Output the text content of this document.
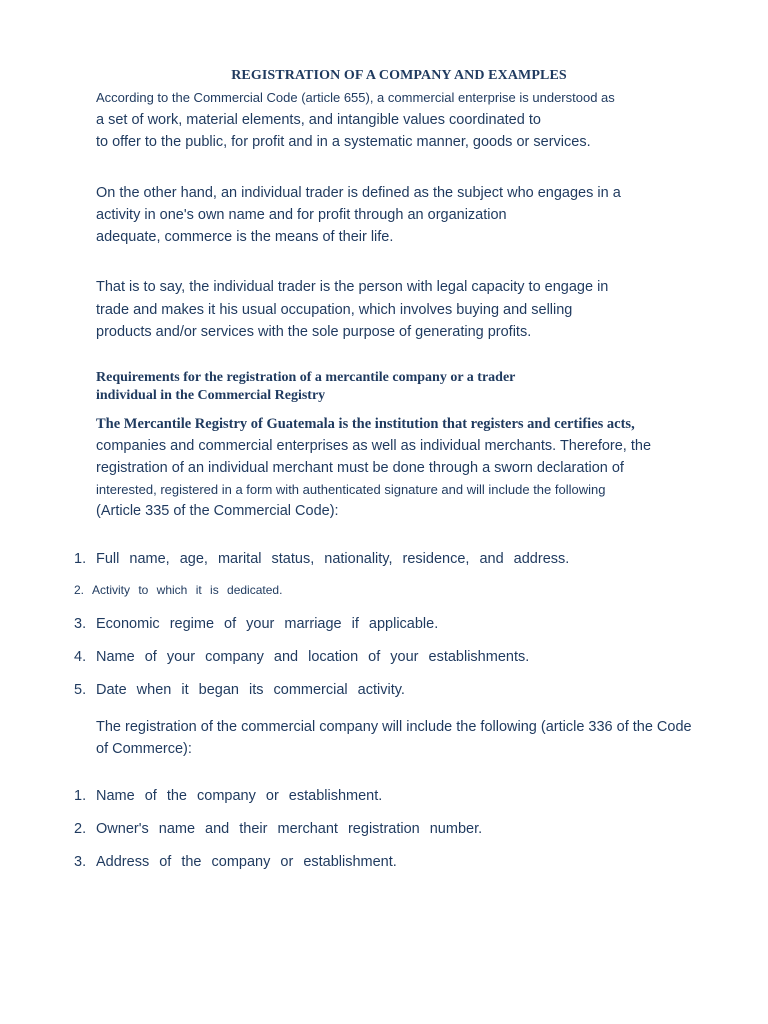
REGISTRATION OF A COMPANY AND EXAMPLES
According to the Commercial Code (article 655), a commercial enterprise is understood as
a set of work, material elements, and intangible values coordinated to
to offer to the public, for profit and in a systematic manner, goods or services.
On the other hand, an individual trader is defined as the subject who engages in a
activity in one's own name and for profit through an organization
adequate, commerce is the means of their life.
That is to say, the individual trader is the person with legal capacity to engage in
trade and makes it his usual occupation, which involves buying and selling
products and/or services with the sole purpose of generating profits.
Requirements for the registration of a mercantile company or a trader
individual in the Commercial Registry
The Mercantile Registry of Guatemala is the institution that registers and certifies acts,
companies and commercial enterprises as well as individual merchants. Therefore, the
registration of an individual merchant must be done through a sworn declaration of
interested, registered in a form with authenticated signature and will include the following
(Article 335 of the Commercial Code):
1. Full name, age, marital status, nationality, residence, and address.
2. Activity to which it is dedicated.
3. Economic regime of your marriage if applicable.
4. Name of your company and location of your establishments.
5. Date when it began its commercial activity.
The registration of the commercial company will include the following (article 336 of the Code
of Commerce):
1. Name of the company or establishment.
2. Owner's name and their merchant registration number.
3. Address of the company or establishment.
